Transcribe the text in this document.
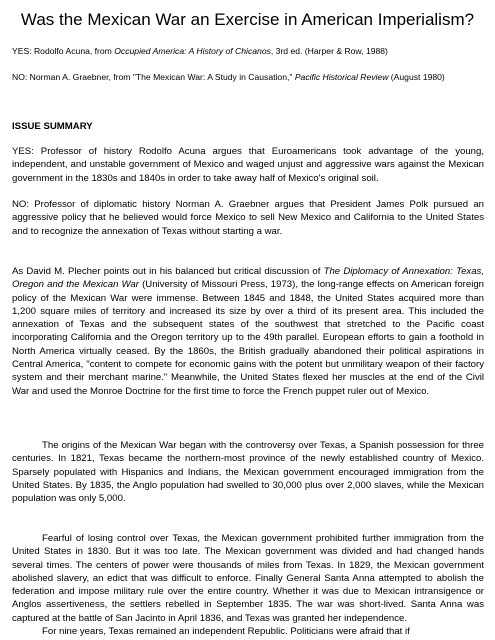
Was the Mexican War an Exercise in American Imperialism?
YES: Rodolfo Acuna, from Occupied America: A History of Chicanos, 3rd ed. (Harper & Row, 1988)
NO: Norman A. Graebner, from "The Mexican War: A Study in Causation," Pacific Historical Review (August 1980)
ISSUE SUMMARY
YES: Professor of history Rodolfo Acuna argues that Euroamericans took advantage of the young, independent, and unstable government of Mexico and waged unjust and aggressive wars against the Mexican government in the 1830s and 1840s in order to take away half of Mexico's original soil.
NO: Professor of diplomatic history Norman A. Graebner argues that President James Polk pursued an aggressive policy that he believed would force Mexico to sell New Mexico and California to the United States and to recognize the annexation of Texas without starting a war.
As David M. Plecher points out in his balanced but critical discussion of The Diplomacy of Annexation: Texas, Oregon and the Mexican War (University of Missouri Press, 1973), the long-range effects on American foreign policy of the Mexican War were immense. Between 1845 and 1848, the United States acquired more than 1,200 square miles of territory and increased its size by over a third of its present area. This included the annexation of Texas and the subsequent states of the southwest that stretched to the Pacific coast incorporating California and the Oregon territory up to the 49th parallel. European efforts to gain a foothold in North America virtually ceased. By the 1860s, the British gradually abandoned their political aspirations in Central America, "content to compete for economic gains with the potent but unmilitary weapon of their factory system and their merchant marine." Meanwhile, the United States flexed her muscles at the end of the Civil War and used the Monroe Doctrine for the first time to force the French puppet ruler out of Mexico.
The origins of the Mexican War began with the controversy over Texas, a Spanish possession for three centuries. In 1821, Texas became the northern-most province of the newly established country of Mexico. Sparsely populated with Hispanics and Indians, the Mexican government encouraged immigration from the United States. By 1835, the Anglo population had swelled to 30,000 plus over 2,000 slaves, while the Mexican population was only 5,000.
Fearful of losing control over Texas, the Mexican government prohibited further immigration from the United States in 1830. But it was too late. The Mexican government was divided and had changed hands several times. The centers of power were thousands of miles from Texas. In 1829, the Mexican government abolished slavery, an edict that was difficult to enforce. Finally General Santa Anna attempted to abolish the federation and impose military rule over the entire country. Whether it was due to Mexican intransigence or Anglos assertiveness, the settlers rebelled in September 1835. The war was short-lived. Santa Anna was captured at the battle of San Jacinto in April 1836, and Texas was granted her independence.
For nine years, Texas remained an independent Republic. Politicians were afraid that if
